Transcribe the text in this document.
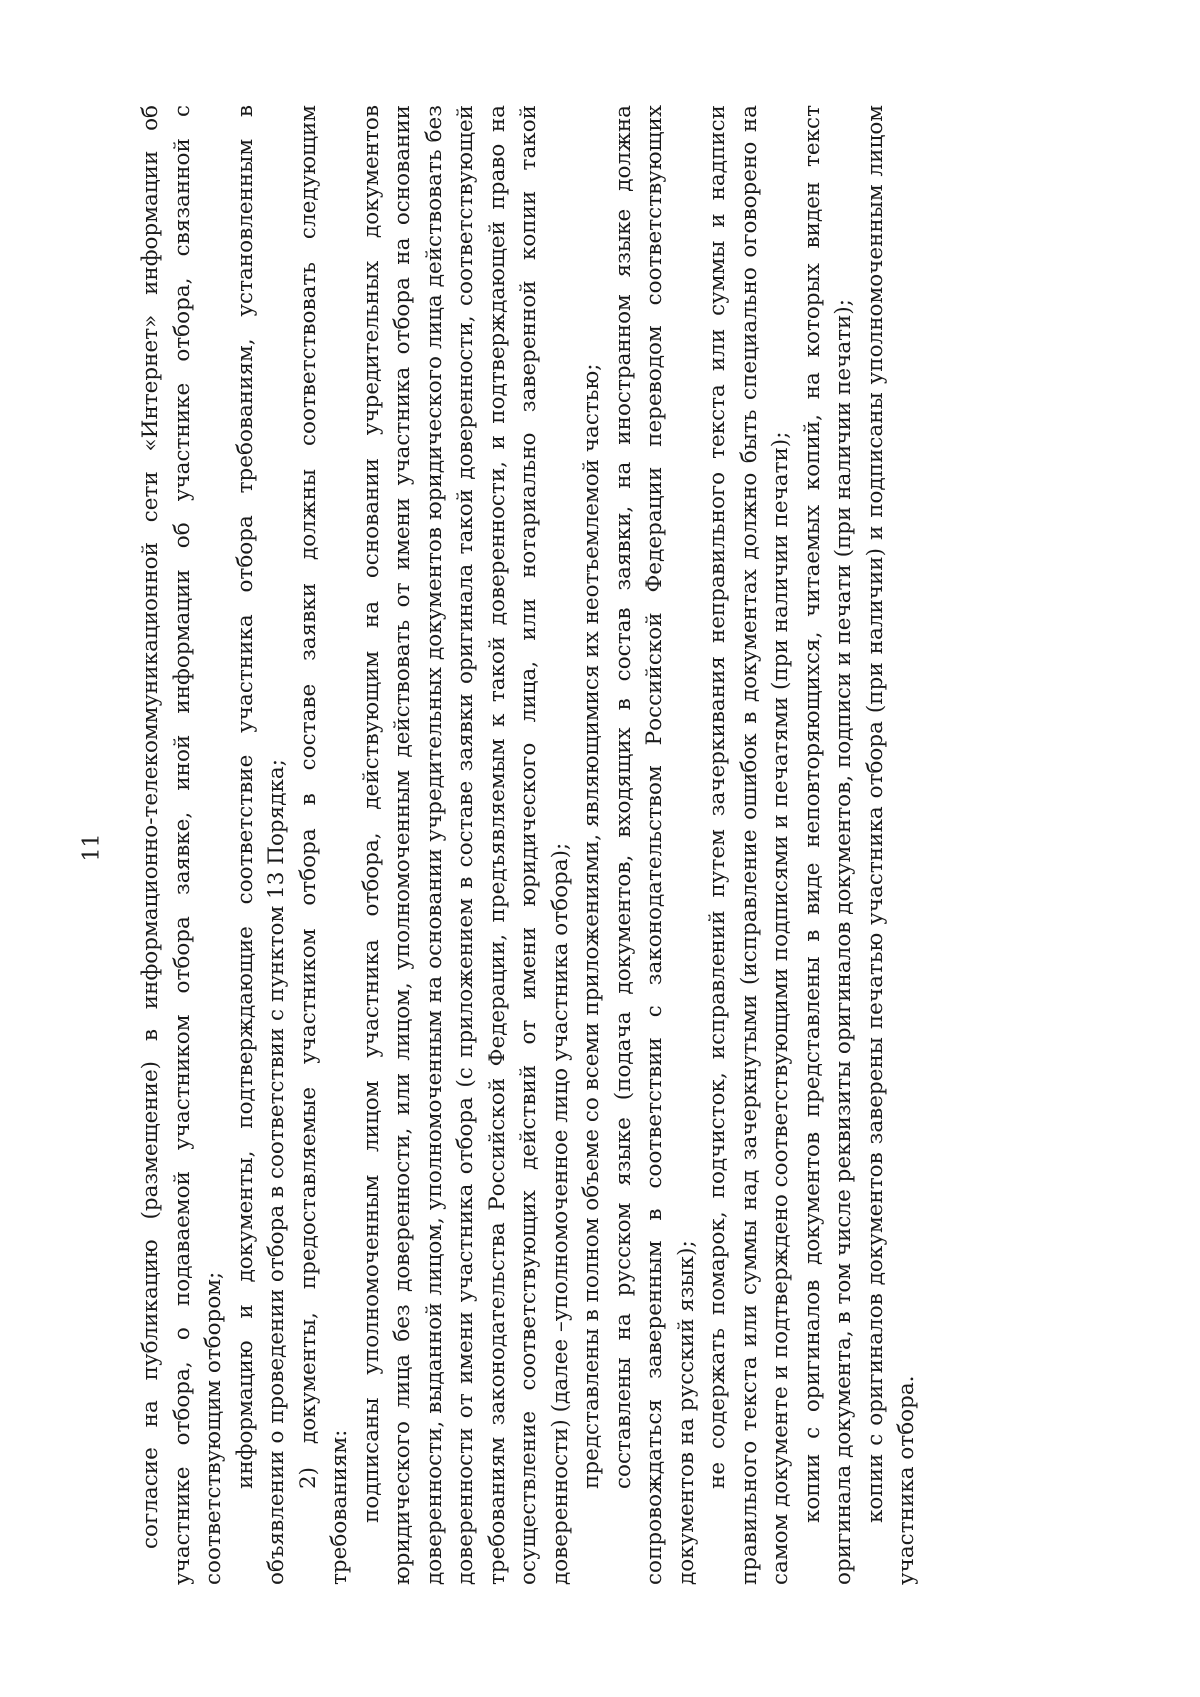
11 согласие на публикацию (размещение) в информационно-телекоммуникационной сети «Интернет» информации об участнике отбора, о подаваемой участником отбора заявке, иной информации об участнике отбора, связанной с соответствующим отбором; информацию и документы, подтверждающие соответствие участника отбора требованиям, установленным в объявлении о проведении отбора в соответствии с пунктом 13 Порядка; 2) документы, предоставляемые участником отбора в составе заявки должны соответствовать следующим требованиям: подписаны уполномоченным лицом участника отбора, действующим на основании учредительных документов юридического лица без доверенности, или лицом, уполномоченным действовать от имени участника отбора на основании доверенности, выданной лицом, уполномоченным на основании учредительных документов юридического лица действовать без доверенности от имени участника отбора (с приложением в составе заявки оригинала такой доверенности, соответствующей требованиям законодательства Российской Федерации, предъявляемым к такой доверенности, и подтверждающей право на осуществление соответствующих действий от имени юридического лица, или нотариально заверенной копии такой доверенности) (далее –уполномоченное лицо участника отбора); представлены в полном объеме со всеми приложениями, являющимися их неотъемлемой частью; составлены на русском языке (подача документов, входящих в состав заявки, на иностранном языке должна сопровождаться заверенным в соответствии с законодательством Российской Федерации переводом соответствующих документов на русский язык); не содержать помарок, подчисток, исправлений путем зачеркивания неправильного текста или суммы и надписи правильного текста или суммы над зачеркнутыми (исправление ошибок в документах должно быть специально оговорено на самом документе и подтверждено соответствующими подписями и печатями (при наличии печати); копии с оригиналов документов представлены в виде неповторяющихся, читаемых копий, на которых виден текст оригинала документа, в том числе реквизиты оригиналов документов, подписи и печати (при наличии печати); копии с оригиналов документов заверены печатью участника отбора (при наличии) и подписаны уполномоченным лицом участника отбора.
